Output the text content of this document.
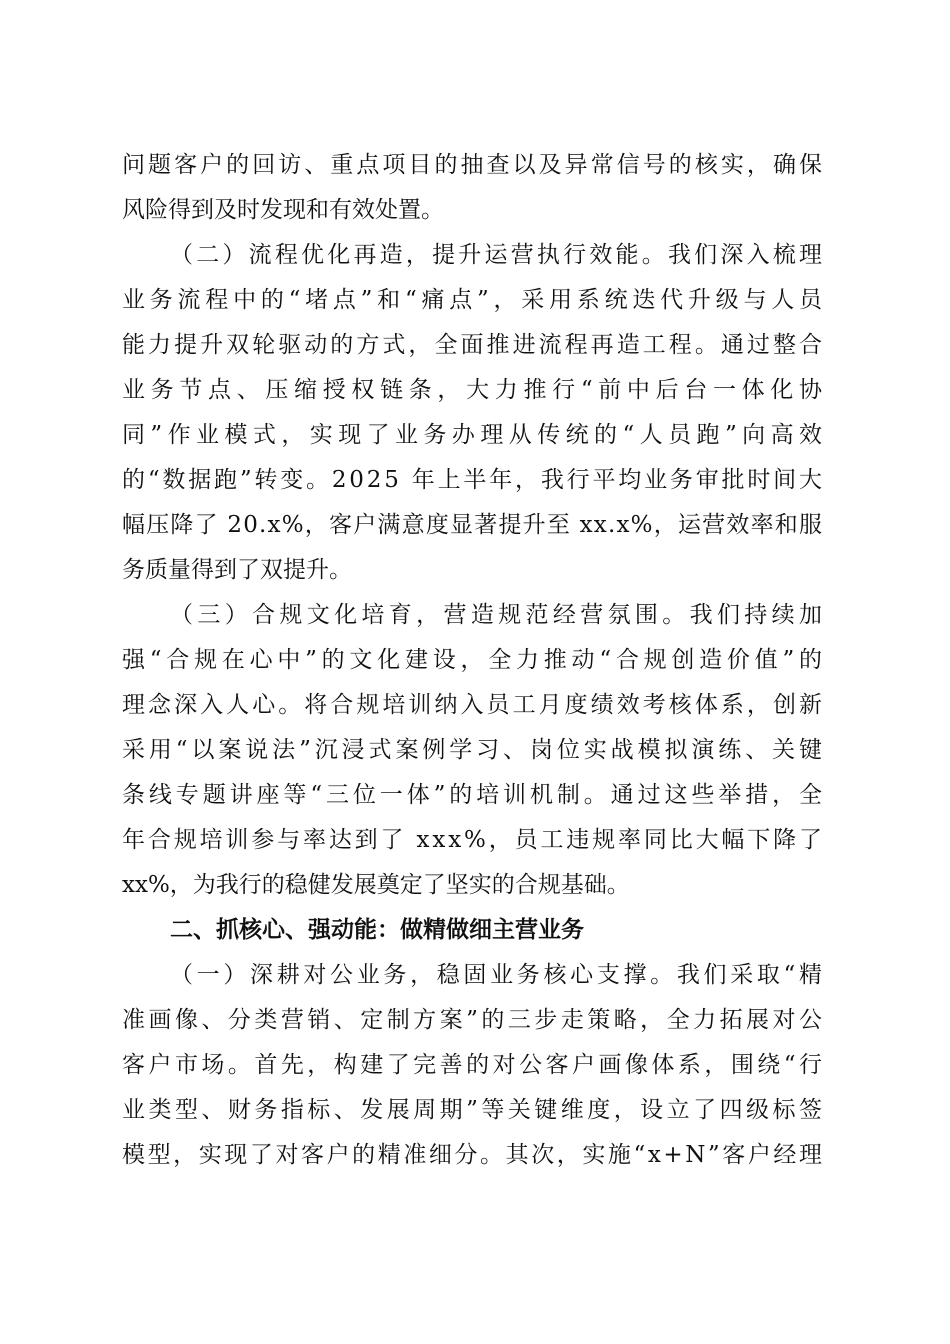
问题客户的回访、重点项目的抽查以及异常信号的核实，确保
风险得到及时发现和有效处置。
（二）流程优化再造，提升运营执行效能。我们深入梳理
业务流程中的“堵点”和“痛点”，采用系统迭代升级与人员
能力提升双轮驱动的方式，全面推进流程再造工程。通过整合
业务节点、压缩授权链条，大力推行“前中后台一体化协
同”作业模式，实现了业务办理从传统的“人员跑”向高效
的“数据跑”转变。2025 年上半年，我行平均业务审批时间大
幅压降了 20.x%，客户满意度显著提升至 xx.x%，运营效率和服
务质量得到了双提升。
（三）合规文化培育，营造规范经营氛围。我们持续加
强“合规在心中”的文化建设，全力推动“合规创造价值”的
理念深入人心。将合规培训纳入员工月度绩效考核体系，创新
采用“以案说法”沉浸式案例学习、岗位实战模拟演练、关键
条线专题讲座等“三位一体”的培训机制。通过这些举措，全
年合规培训参与率达到了 xxx%，员工违规率同比大幅下降了
xx%，为我行的稳健发展奠定了坚实的合规基础。
二、抓核心、强动能：做精做细主营业务
（一）深耕对公业务，稳固业务核心支撑。我们采取“精
准画像、分类营销、定制方案”的三步走策略，全力拓展对公
客户市场。首先，构建了完善的对公客户画像体系，围绕“行
业类型、财务指标、发展周期”等关键维度，设立了四级标签
模型，实现了对客户的精准细分。其次，实施“x+N”客户经理
